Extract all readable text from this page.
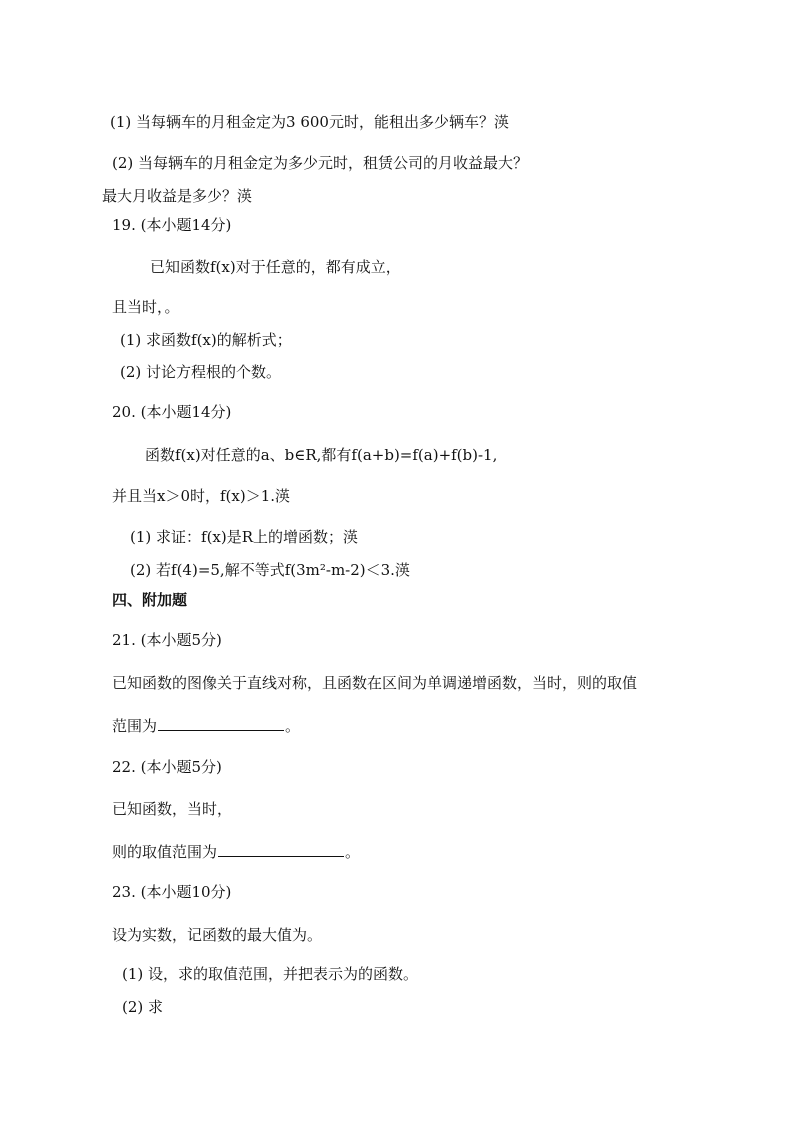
(1) 当每辆车的月租金定为3 600元时，能租出多少辆车？渶
(2) 当每辆车的月租金定为多少元时，租赁公司的月收益最大？
最大月收益是多少？渶
19. (本小题14分)
已知函数f(x)对于任意的，都有成立，
且当时，。
(1) 求函数f(x)的解析式；
(2) 讨论方程根的个数。
20. (本小题14分)
函数f(x)对任意的a、b∈R,都有f(a+b)=f(a)+f(b)-1,
并且当x＞0时，f(x)＞1.渶
(1) 求证：f(x)是R上的增函数；渶
(2) 若f(4)=5,解不等式f(3m²-m-2)＜3.渶
四、附加题
21. (本小题5分)
已知函数的图像关于直线对称，且函数在区间为单调递增函数，当时，则的取值
范围为	。
22. (本小题5分)
已知函数，当时，
则的取值范围为	。
23. (本小题10分)
设为实数，记函数的最大值为。
(1) 设，求的取值范围，并把表示为的函数。
(2) 求
